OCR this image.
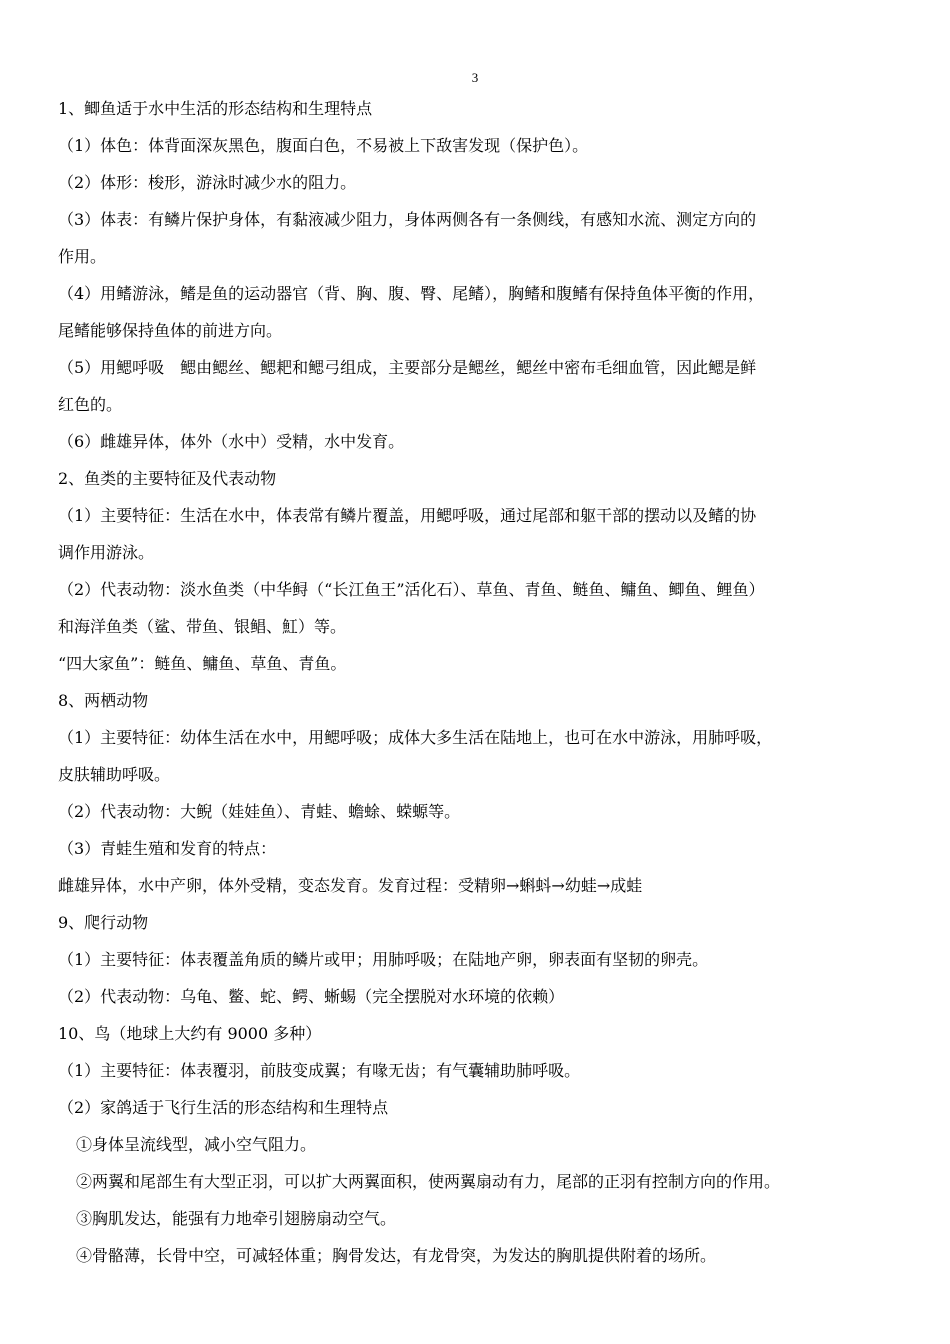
3
1、鲫鱼适于水中生活的形态结构和生理特点
（1）体色：体背面深灰黑色，腹面白色，不易被上下敌害发现（保护色）。
（2）体形：梭形，游泳时减少水的阻力。
（3）体表：有鳞片保护身体，有黏液减少阻力，身体两侧各有一条侧线，有感知水流、测定方向的
作用。
（4）用鳍游泳，鳍是鱼的运动器官（背、胸、腹、臀、尾鳍），胸鳍和腹鳍有保持鱼体平衡的作用，
尾鳍能够保持鱼体的前进方向。
（5）用鳃呼吸　鳃由鳃丝、鳃耙和鳃弓组成，主要部分是鳃丝，鳃丝中密布毛细血管，因此鳃是鲜
红色的。
（6）雌雄异体，体外（水中）受精，水中发育。
2、鱼类的主要特征及代表动物
（1）主要特征：生活在水中，体表常有鳞片覆盖，用鳃呼吸，通过尾部和躯干部的摆动以及鳍的协
调作用游泳。
（2）代表动物：淡水鱼类（中华鲟（“长江鱼王”活化石）、草鱼、青鱼、鲢鱼、鳙鱼、鲫鱼、鲤鱼）
和海洋鱼类（鲨、带鱼、银鲳、魟）等。
“四大家鱼”：鲢鱼、鳙鱼、草鱼、青鱼。
8、两栖动物
（1）主要特征：幼体生活在水中，用鳃呼吸；成体大多生活在陆地上，也可在水中游泳，用肺呼吸，
皮肤辅助呼吸。
（2）代表动物：大鲵（娃娃鱼）、青蛙、蟾蜍、蝾螈等。
（3）青蛙生殖和发育的特点：
雌雄异体，水中产卵，体外受精，变态发育。发育过程：受精卵→蝌蚪→幼蛙→成蛙
9、爬行动物
（1）主要特征：体表覆盖角质的鳞片或甲；用肺呼吸；在陆地产卵，卵表面有坚韧的卵壳。
（2）代表动物：乌龟、鳖、蛇、鳄、蜥蜴（完全摆脱对水环境的依赖）
10、鸟（地球上大约有 9000 多种）
（1）主要特征：体表覆羽，前肢变成翼；有喙无齿；有气囊辅助肺呼吸。
（2）家鸽适于飞行生活的形态结构和生理特点
①身体呈流线型，减小空气阻力。
②两翼和尾部生有大型正羽，可以扩大两翼面积，使两翼扇动有力，尾部的正羽有控制方向的作用。
③胸肌发达，能强有力地牵引翅膀扇动空气。
④骨骼薄，长骨中空，可减轻体重；胸骨发达，有龙骨突，为发达的胸肌提供附着的场所。
